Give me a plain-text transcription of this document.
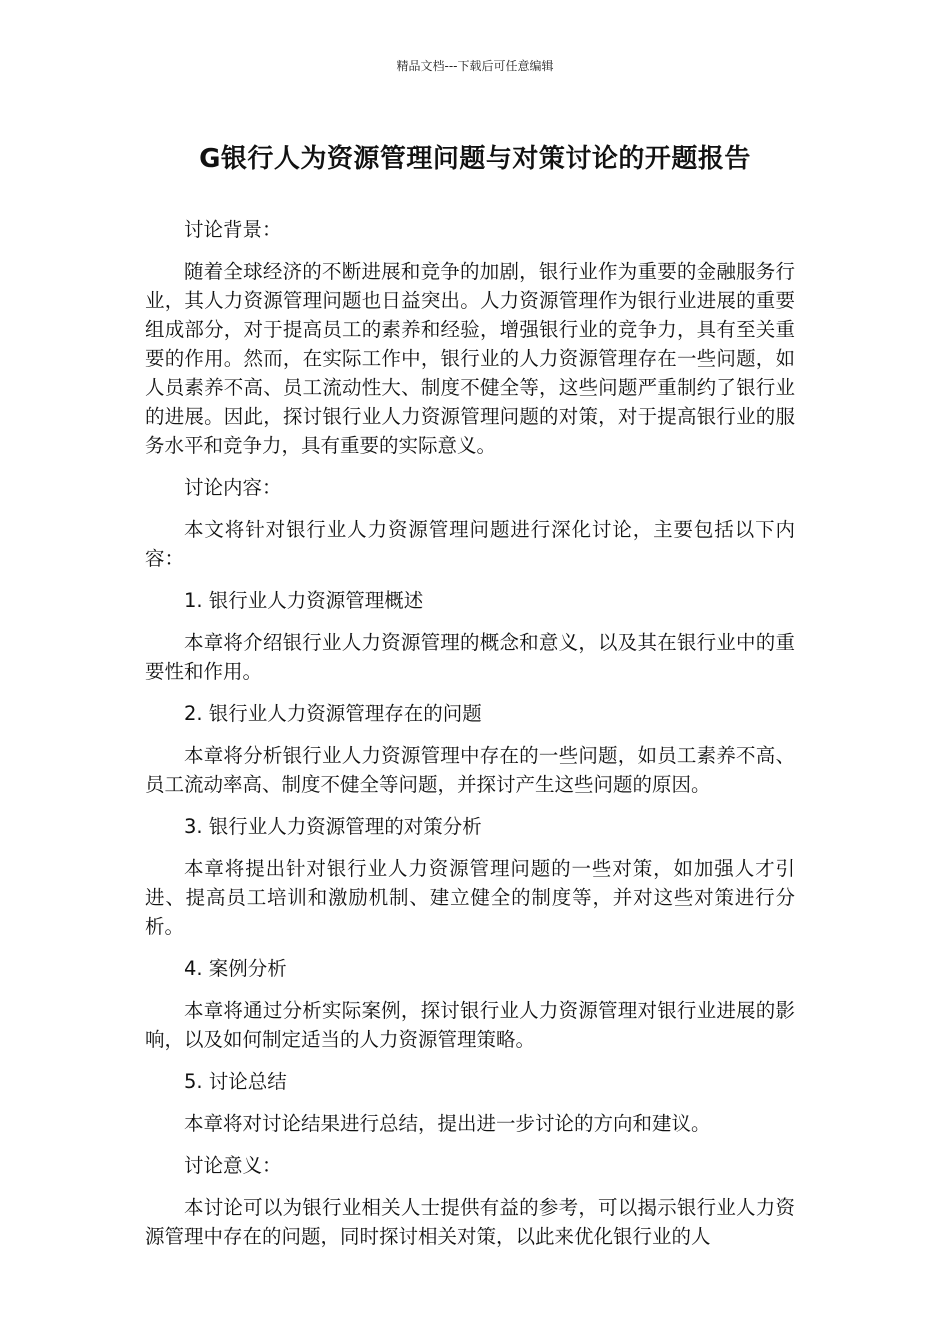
精品文档---下载后可任意编辑
G银行人为资源管理问题与对策讨论的开题报告

讨论背景：

随着全球经济的不断进展和竞争的加剧，银行业作为重要的金融服务行业，其人力资源管理问题也日益突出。人力资源管理作为银行业进展的重要组成部分，对于提高员工的素养和经验，增强银行业的竞争力，具有至关重要的作用。然而，在实际工作中，银行业的人力资源管理存在一些问题，如人员素养不高、员工流动性大、制度不健全等，这些问题严重制约了银行业的进展。因此，探讨银行业人力资源管理问题的对策，对于提高银行业的服务水平和竞争力，具有重要的实际意义。

讨论内容：

本文将针对银行业人力资源管理问题进行深化讨论，主要包括以下内容：

1. 银行业人力资源管理概述

本章将介绍银行业人力资源管理的概念和意义，以及其在银行业中的重要性和作用。

2. 银行业人力资源管理存在的问题

本章将分析银行业人力资源管理中存在的一些问题，如员工素养不高、员工流动率高、制度不健全等问题，并探讨产生这些问题的原因。

3. 银行业人力资源管理的对策分析

本章将提出针对银行业人力资源管理问题的一些对策，如加强人才引进、提高员工培训和激励机制、建立健全的制度等，并对这些对策进行分析。

4. 案例分析

本章将通过分析实际案例，探讨银行业人力资源管理对银行业进展的影响，以及如何制定适当的人力资源管理策略。

5. 讨论总结

本章将对讨论结果进行总结，提出进一步讨论的方向和建议。

讨论意义：

本讨论可以为银行业相关人士提供有益的参考，可以揭示银行业人力资源管理中存在的问题，同时探讨相关对策，以此来优化银行业的人
